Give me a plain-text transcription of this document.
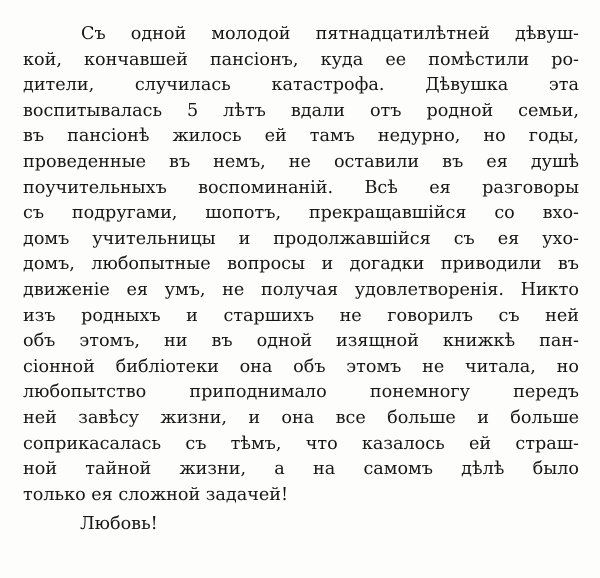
Съ одной молодой пятнадцатилѣтней дѣвуш-
кой, кончавшей пансiонъ, куда ее помѣстили ро-
дители, случилась катастрофа. Дѣвушка эта
воспитывалась 5 лѣтъ вдали отъ родной семьи,
въ пансiонѣ жилось ей тамъ недурно, но годы,
проведенные въ немъ, не оставили въ ея душѣ
поучительныхъ воспоминанiй. Всѣ ея разговоры
съ подругами, шопотъ, прекращавшiйся со вхо-
домъ учительницы и продолжавшiйся съ ея ухо-
домъ, любопытные вопросы и догадки приводили въ
движенiе ея умъ, не получая удовлетворенiя. Никто
изъ родныхъ и старшихъ не говорилъ съ ней
объ этомъ, ни въ одной изящной книжкѣ пан-
сiонной библiотеки она объ этомъ не читала, но
любопытство приподнимало понемногу передъ
ней завѣсу жизни, и она все больше и больше
соприкасалась съ тѣмъ, что казалось ей страш-
ной тайной жизни, а на самомъ дѣлѣ было
только ея сложной задачей!
Любовь!
